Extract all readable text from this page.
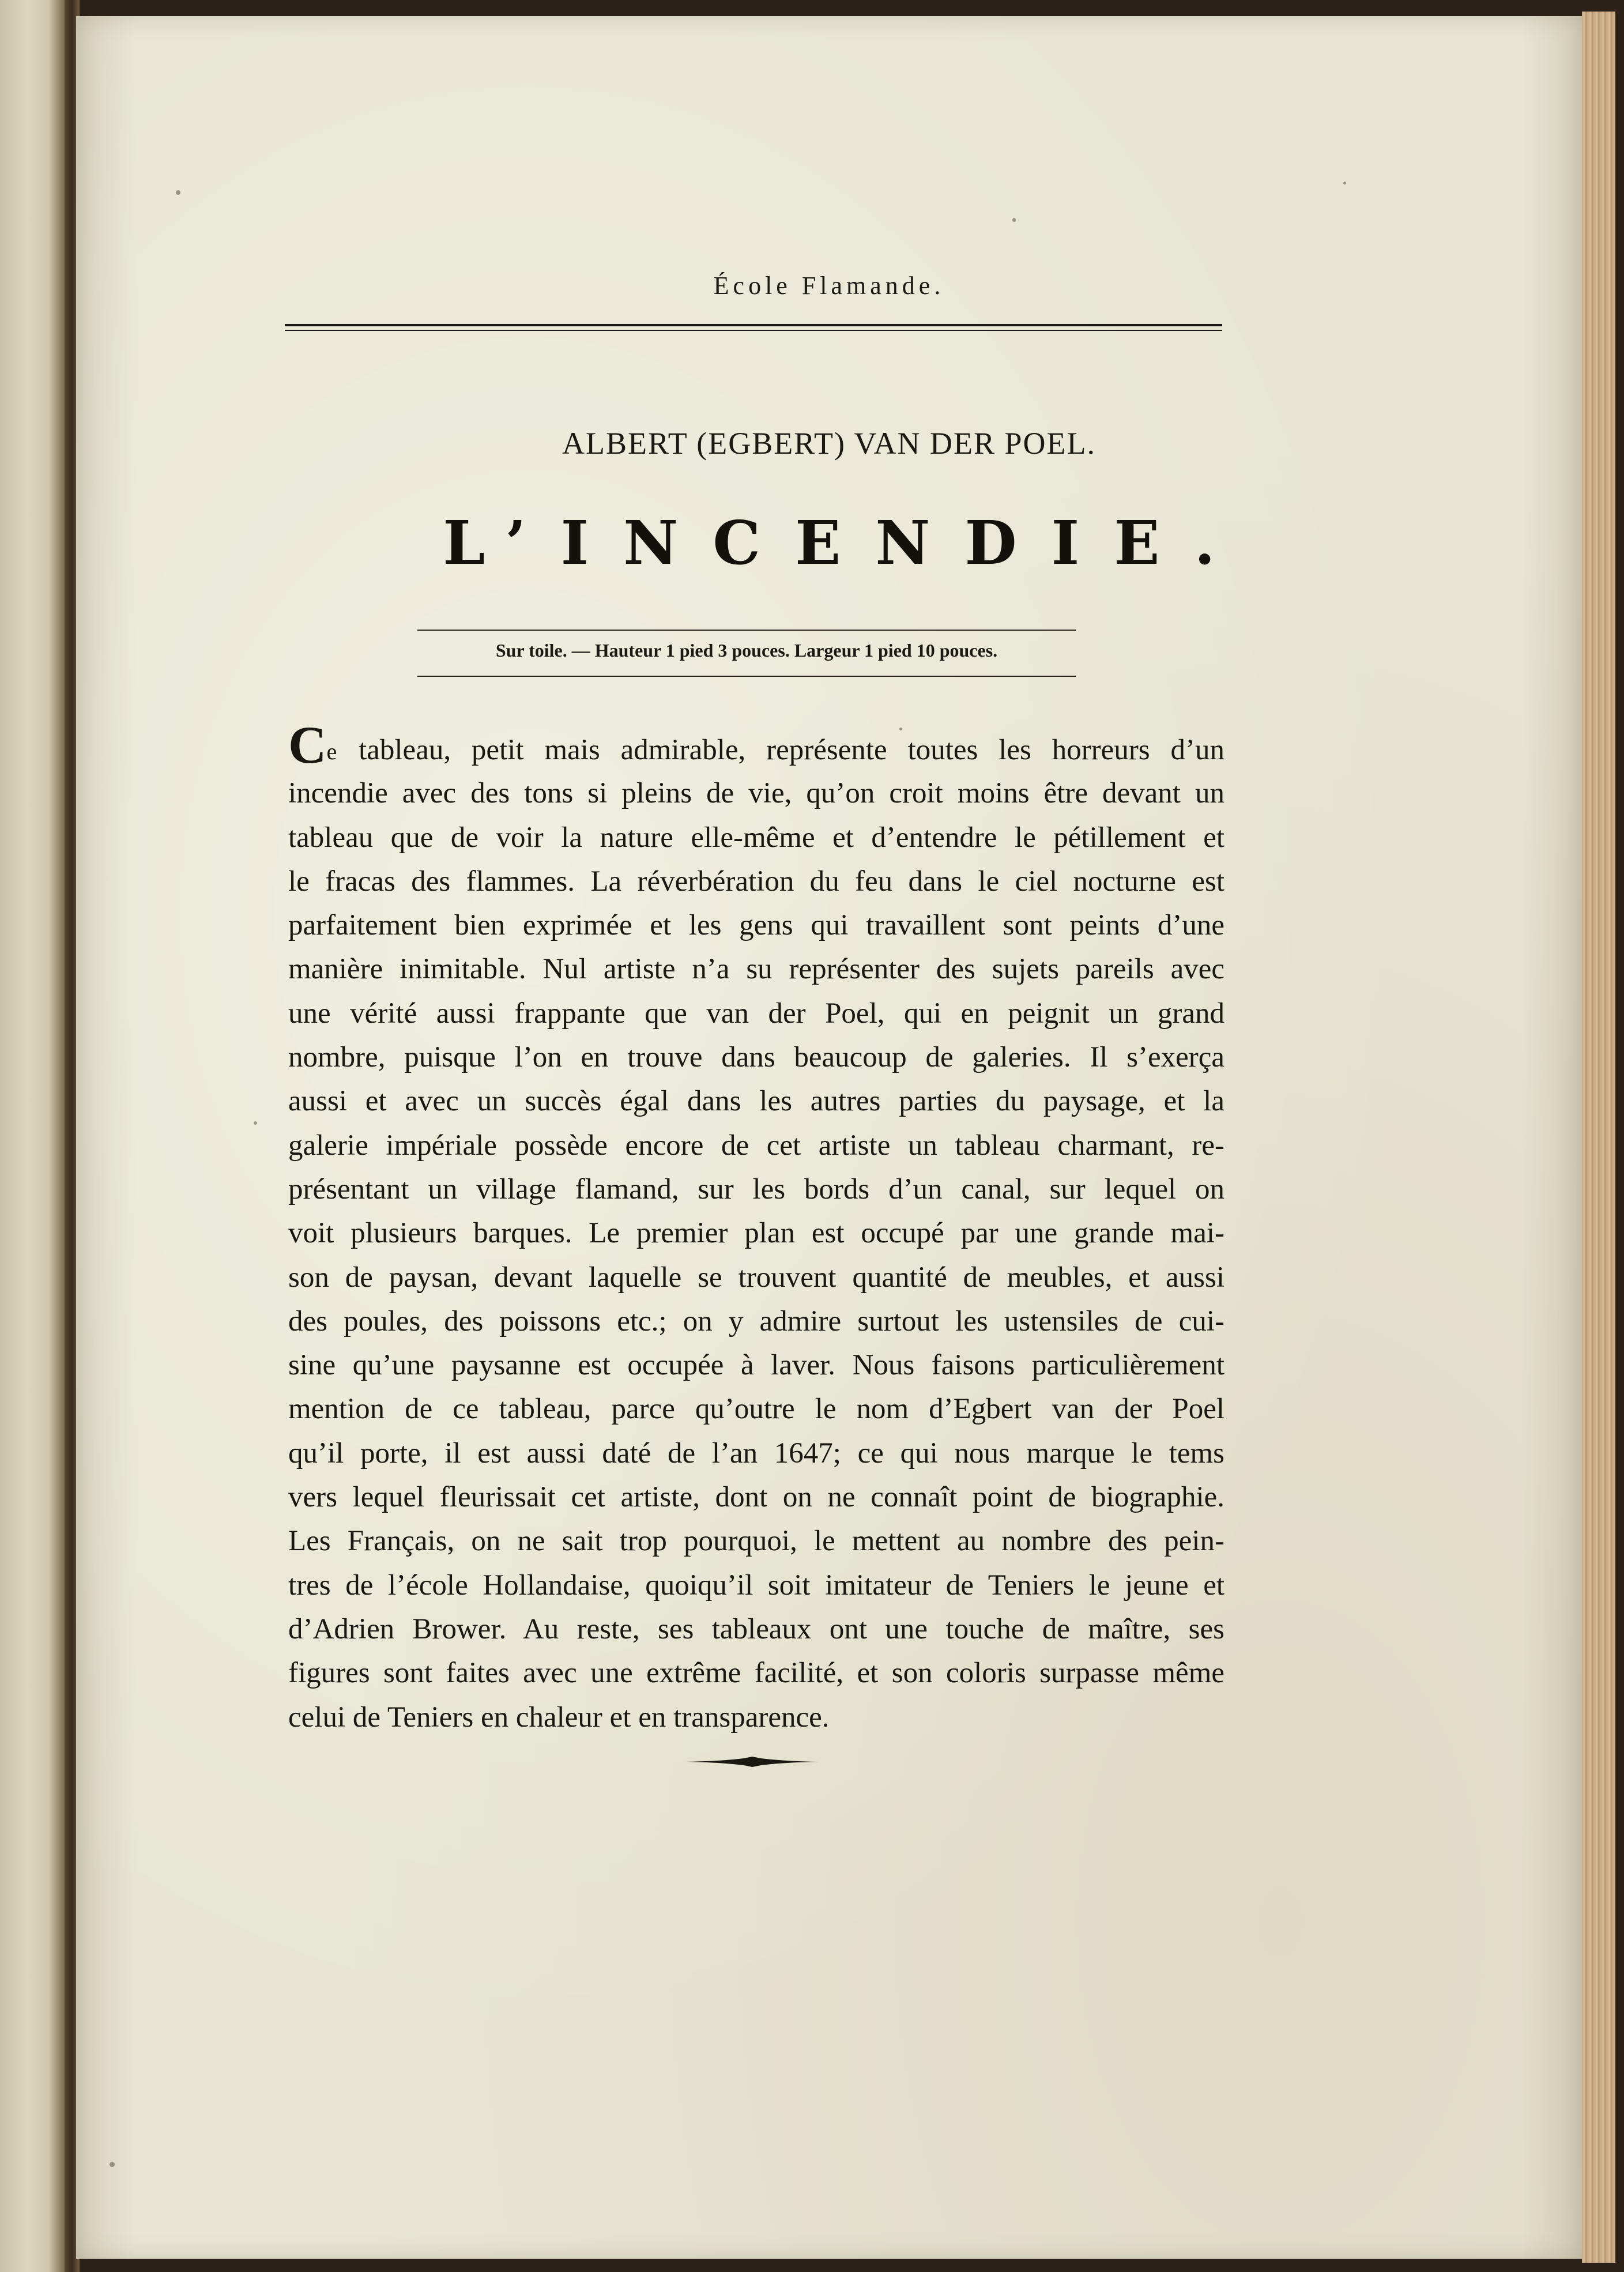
École Flamande.
ALBERT (EGBERT) VAN DER POEL.
L’INCENDIE.
Sur toile. — Hauteur 1 pied 3 pouces. Largeur 1 pied 10 pouces.
Ce tableau, petit mais admirable, représente toutes les horreurs d’un
incendie avec des tons si pleins de vie, qu’on croit moins être devant un
tableau que de voir la nature elle-même et d’entendre le pétillement et
le fracas des flammes. La réverbération du feu dans le ciel nocturne est
parfaitement bien exprimée et les gens qui travaillent sont peints d’une
manière inimitable. Nul artiste n’a su représenter des sujets pareils avec
une vérité aussi frappante que van der Poel, qui en peignit un grand
nombre, puisque l’on en trouve dans beaucoup de galeries. Il s’exerça
aussi et avec un succès égal dans les autres parties du paysage, et la
galerie impériale possède encore de cet artiste un tableau charmant, re-
présentant un village flamand, sur les bords d’un canal, sur lequel on
voit plusieurs barques. Le premier plan est occupé par une grande mai-
son de paysan, devant laquelle se trouvent quantité de meubles, et aussi
des poules, des poissons etc.; on y admire surtout les ustensiles de cui-
sine qu’une paysanne est occupée à laver. Nous faisons particulièrement
mention de ce tableau, parce qu’outre le nom d’Egbert van der Poel
qu’il porte, il est aussi daté de l’an 1647; ce qui nous marque le tems
vers lequel fleurissait cet artiste, dont on ne connaît point de biographie.
Les Français, on ne sait trop pourquoi, le mettent au nombre des pein-
tres de l’école Hollandaise, quoiqu’il soit imitateur de Teniers le jeune et
d’Adrien Brower. Au reste, ses tableaux ont une touche de maître, ses
figures sont faites avec une extrême facilité, et son coloris surpasse même
celui de Teniers en chaleur et en transparence.
